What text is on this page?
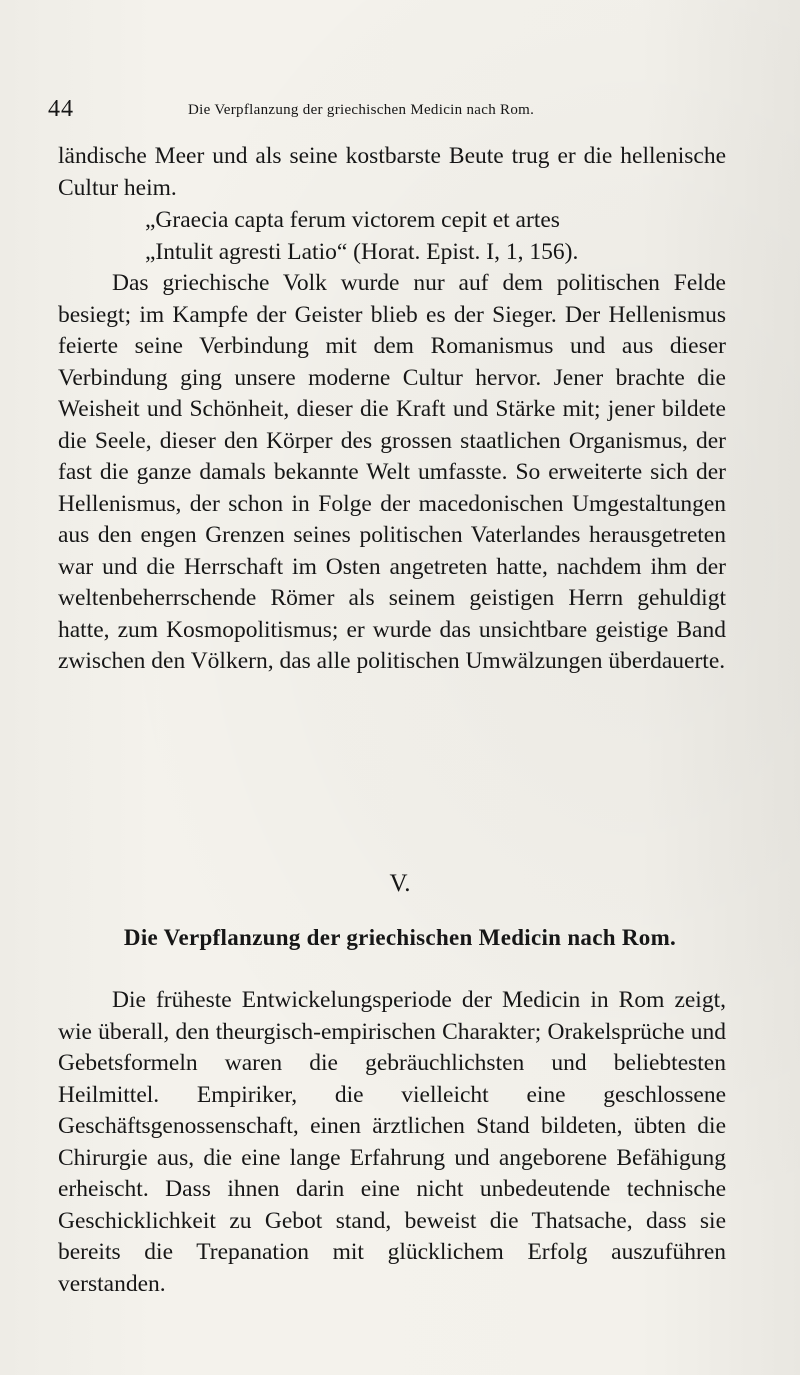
44	Die Verpflanzung der griechischen Medicin nach Rom.

ländische Meer und als seine kostbarste Beute trug er die hellenische Cultur heim.

„Graecia capta ferum victorem cepit et artes
„Intulit agresti Latio“ (Horat. Epist. I, 1, 156).

Das griechische Volk wurde nur auf dem politischen Felde besiegt; im Kampfe der Geister blieb es der Sieger. Der Hellenismus feierte seine Verbindung mit dem Romanismus und aus dieser Verbindung ging unsere moderne Cultur hervor. Jener brachte die Weisheit und Schönheit, dieser die Kraft und Stärke mit; jener bildete die Seele, dieser den Körper des grossen staatlichen Organismus, der fast die ganze damals bekannte Welt umfasste. So erweiterte sich der Hellenismus, der schon in Folge der macedonischen Umgestaltungen aus den engen Grenzen seines politischen Vaterlandes herausgetreten war und die Herrschaft im Osten angetreten hatte, nachdem ihm der weltenbeherrschende Römer als seinem geistigen Herrn gehuldigt hatte, zum Kosmopolitismus; er wurde das unsichtbare geistige Band zwischen den Völkern, das alle politischen Umwälzungen überdauerte.

V.
Die Verpflanzung der griechischen Medicin nach Rom.

Die früheste Entwickelungsperiode der Medicin in Rom zeigt, wie überall, den theurgisch-empirischen Charakter; Orakelsprüche und Gebetsformeln waren die gebräuchlichsten und beliebtesten Heilmittel. Empiriker, die vielleicht eine geschlossene Geschäftsgenossenschaft, einen ärztlichen Stand bildeten, übten die Chirurgie aus, die eine lange Erfahrung und angeborene Befähigung erheischt. Dass ihnen darin eine nicht unbedeutende technische Geschicklichkeit zu Gebot stand, beweist die Thatsache, dass sie bereits die Trepanation mit glücklichem Erfolg auszuführen verstanden.
